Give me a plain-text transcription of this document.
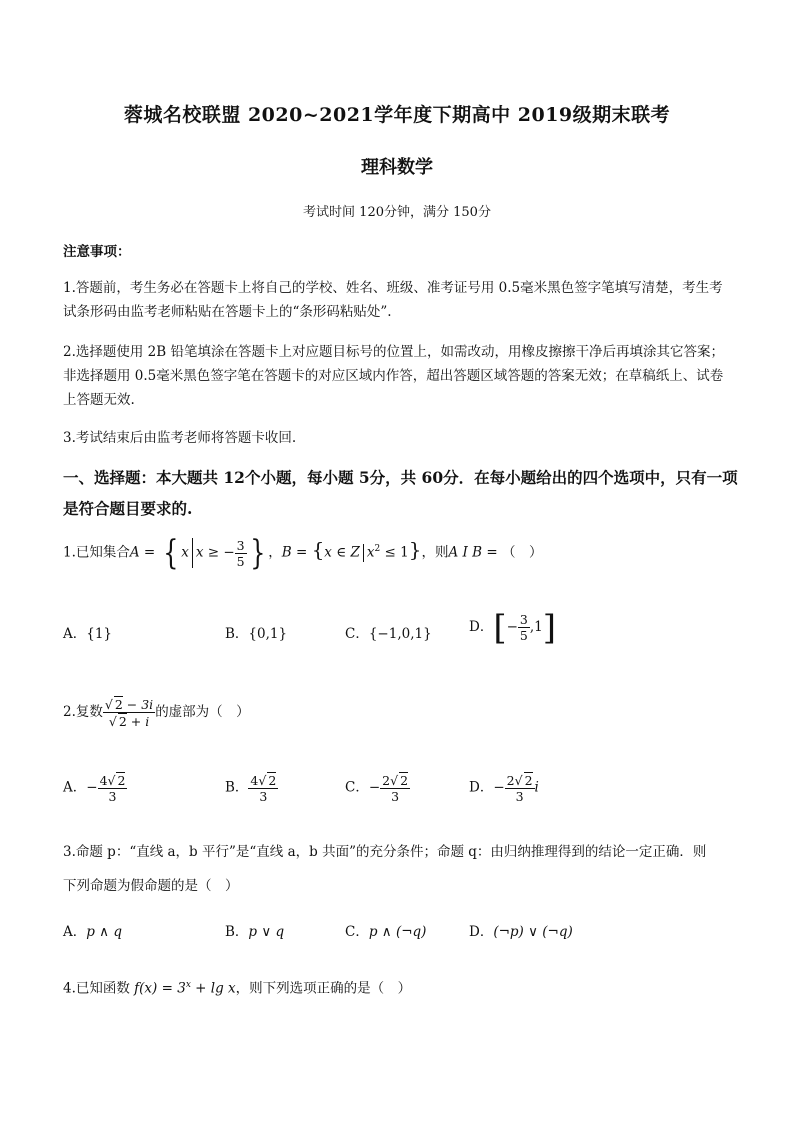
蓉城名校联盟 2020~2021学年度下期高中 2019级期末联考
理科数学
考试时间 120分钟，满分 150分
注意事项：
1.答题前，考生务必在答题卡上将自己的学校、姓名、班级、准考证号用 0.5毫米黑色签字笔填写清楚，考生考试条形码由监考老师粘贴在答题卡上的“条形码粘贴处”.
2.选择题使用 2B 铅笔填涂在答题卡上对应题目标号的位置上，如需改动，用橡皮擦擦干净后再填涂其它答案；非选择题用 0.5毫米黑色签字笔在答题卡的对应区域内作答，超出答题区域答题的答案无效；在草稿纸上、试卷上答题无效.
3.考试结束后由监考老师将答题卡收回.
一、选择题：本大题共 12个小题，每小题 5分，共 60分．在每小题给出的四个选项中，只有一项是符合题目要求的.
1.已知集合A = { x x ≥ − $\frac{3}{5}$ } ，B = {x ∈ Z $x^2 \le 1$}，则A I B = （　）
A．{1}	B．{0,1}	C．{−1,0,1}	D．[− $\frac{3}{5} ,1$]
2.复数 $\frac{√ 2 - 3i}{√ 2 + i}$ 的虚部为（　）
A．− $\frac{4√ 2}{3}$	B． $\frac{4√ 2}{3}$	C．− $\frac{2√ 2}{3}$	D．− $\frac{2√ 2}{3}$ i
3.命题 p：“直线 a，b 平行”是“直线 a，b 共面”的充分条件；命题 q：由归纳推理得到的结论一定正确．则
下列命题为假命题的是（　）
A．p ∧ q	B．p ∨ q	C．p ∧ (¬q)	D．(¬p) ∨ (¬q)
4.已知函数 $f(x) = 3^x + \lg x$，则下列选项正确的是（　）
